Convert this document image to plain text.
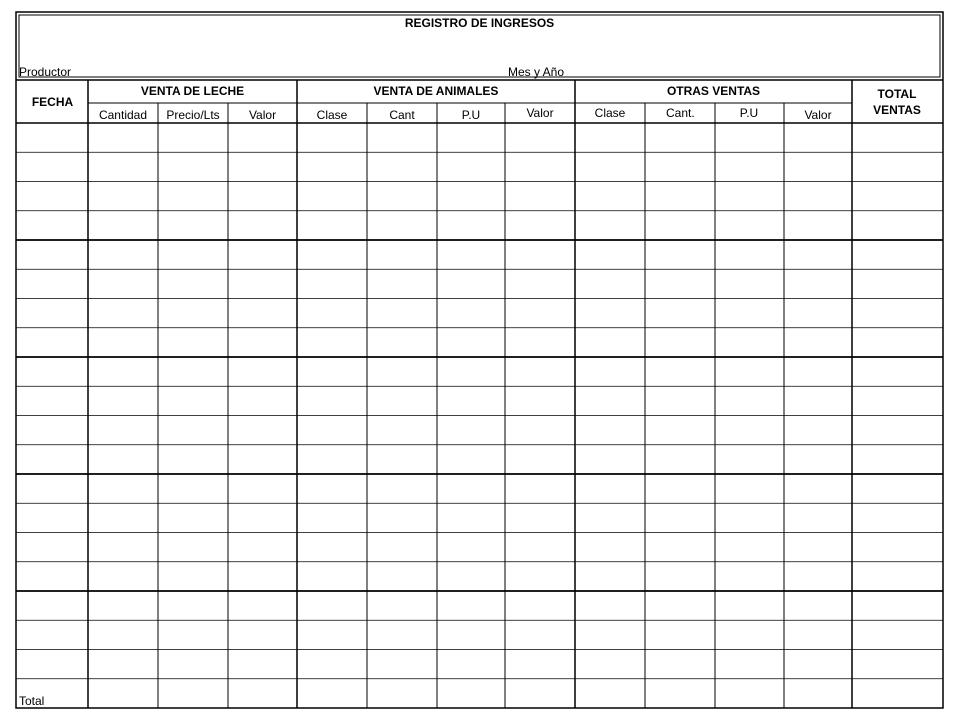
REGISTRO DE INGRESOS
Productor	Mes y Año
FECHA
VENTA DE LECHE	VENTA DE ANIMALES	OTRAS VENTAS	TOTAL
VENTAS
Cantidad	Precio/Lts	Valor	Clase	Cant	P.U	Valor	Clase	Cant.	P.U	Valor
Total
